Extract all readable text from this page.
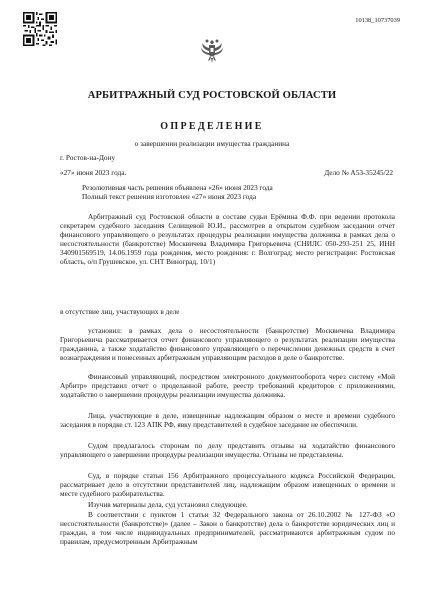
10138_10737039
АРБИТРАЖНЫЙ СУД РОСТОВСКОЙ ОБЛАСТИ
ОПРЕДЕЛЕНИЕ
о завершении реализации имущества гражданина
г. Ростов-на-Дону
«27» июня 2023 года.	Дело № А53-35245/22
Резолютивная часть решения объявлена «26» июня 2023 года
Полный текст решения изготовлен «27» июня 2023 года
Арбитражный суд Ростовской области в составе судьи Ерёмина Ф.Ф. при ведении протокола секретарем судебного заседания Селищевой Ю.И., рассмотрев в открытом судебном заседании отчет финансового управляющего о результатах процедуры реализации имущества должника в рамках дела о несостоятельности (банкротстве) Москвичева Владимира Григорьевича (СНИЛС 050-293-251 25, ИНН 340901569519, 14.06.1959 года рождения, место рождения: г. Волгоград; место регистрации: Ростовская область, о/п Грушевское, ул. СНТ Виноград, 10/1)
в отсутствие лиц, участвующих в деле
установил: в рамках дела о несостоятельности (банкротстве) Москвичева Владимира Григорьевича рассматривается отчет финансового управляющего о результатах реализации имущества гражданина, а также ходатайство финансового управляющего о перечислении денежных средств в счет вознаграждения и понесенных арбитражным управляющим расходов в деле о банкротстве.
Финансовый управляющий, посредством электронного документооборота через систему «Мой Арбитр» представил отчет о проделанной работе, реестр требований кредиторов с приложениями, ходатайство о завершении процедуры реализации имущества должника.
Лица, участвующие в деле, извещенные надлежащим образом о месте и времени судебного заседания в порядке ст. 123 АПК РФ, явку представителей в судебное заседание не обеспечили.
Судом предлагалось сторонам по делу представить отзывы на ходатайство финансового управляющего о завершении процедуры реализации имущества. Отзывы не представлены.
Суд, в порядке статьи 156 Арбитражного процессуального кодекса Российской Федерации, рассматривает дело в отсутствии представителей лиц, надлежащим образом извещенных о времени и месте судебного разбирательства.
Изучив материалы дела, суд установил следующее.
В соответствии с пунктом 1 статьи 32 Федерального закона от 26.10.2002 № 127-ФЗ «О несостоятельности (банкротстве)» (далее – Закон о банкротстве) дела о банкротстве юридических лиц и граждан, в том числе индивидуальных предпринимателей, рассматриваются арбитражным судом по правилам, предусмотренным Арбитражным
